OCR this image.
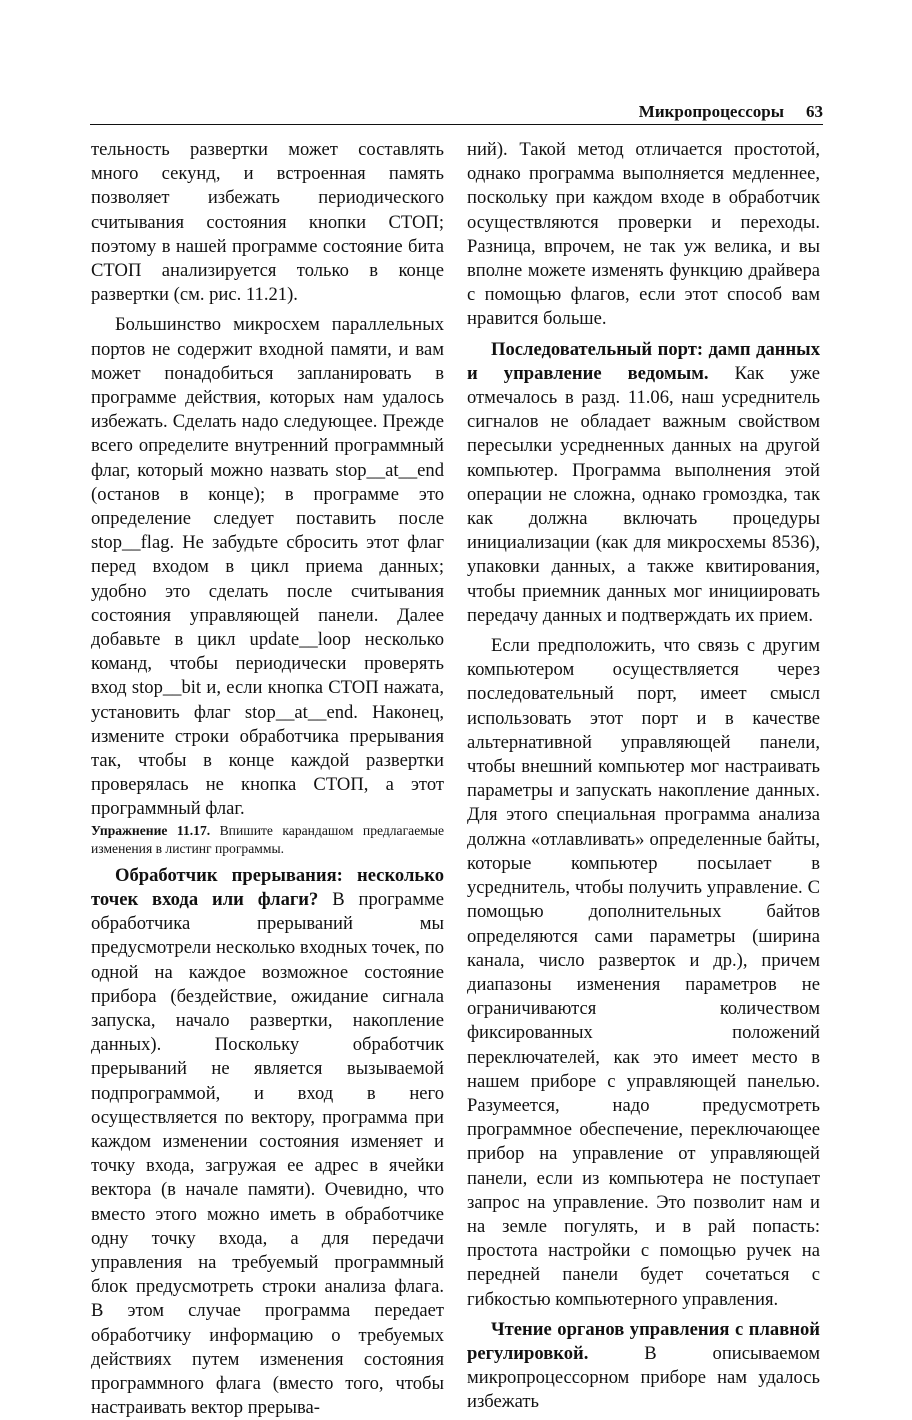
Микропроцессоры 63

тельность развертки может составлять много секунд, и встроенная память позволяет избежать периодического считывания состояния кнопки СТОП; поэтому в нашей программе состояние бита СТОП анализируется только в конце развертки (см. рис. 11.21).

Большинство микросхем параллельных портов не содержит входной памяти, и вам может понадобиться запланировать в программе действия, которых нам удалось избежать. Сделать надо следующее. Прежде всего определите внутренний программный флаг, который можно назвать stop__at__end (останов в конце); в программе это определение следует поставить после stop__flag. Не забудьте сбросить этот флаг перед входом в цикл приема данных; удобно это сделать после считывания состояния управляющей панели. Далее добавьте в цикл update__loop несколько команд, чтобы периодически проверять вход stop__bit и, если кнопка СТОП нажата, установить флаг stop__at__end. Наконец, измените строки обработчика прерывания так, чтобы в конце каждой развертки проверялась не кнопка СТОП, а этот программный флаг.

Упражнение 11.17. Впишите карандашом предлагаемые изменения в листинг программы.

Обработчик прерывания: несколько точек входа или флаги? В программе обработчика прерываний мы предусмотрели несколько входных точек, по одной на каждое возможное состояние прибора (бездействие, ожидание сигнала запуска, начало развертки, накопление данных). Поскольку обработчик прерываний не является вызываемой подпрограммой, и вход в него осуществляется по вектору, программа при каждом изменении состояния изменяет и точку входа, загружая ее адрес в ячейки вектора (в начале памяти). Очевидно, что вместо этого можно иметь в обработчике одну точку входа, а для передачи управления на требуемый программный блок предусмотреть строки анализа флага. В этом случае программа передает обработчику информацию о требуемых действиях путем изменения состояния программного флага (вместо того, чтобы настраивать вектор прерыва-

ний). Такой метод отличается простотой, однако программа выполняется медленнее, поскольку при каждом входе в обработчик осуществляются проверки и переходы. Разница, впрочем, не так уж велика, и вы вполне можете изменять функцию драйвера с помощью флагов, если этот способ вам нравится больше.

Последовательный порт: дамп данных и управление ведомым. Как уже отмечалось в разд. 11.06, наш усреднитель сигналов не обладает важным свойством пересылки усредненных данных на другой компьютер. Программа выполнения этой операции не сложна, однако громоздка, так как должна включать процедуры инициализации (как для микросхемы 8536), упаковки данных, а также квитирования, чтобы приемник данных мог инициировать передачу данных и подтверждать их прием.

Если предположить, что связь с другим компьютером осуществляется через последовательный порт, имеет смысл использовать этот порт и в качестве альтернативной управляющей панели, чтобы внешний компьютер мог настраивать параметры и запускать накопление данных. Для этого специальная программа анализа должна «отлавливать» определенные байты, которые компьютер посылает в усреднитель, чтобы получить управление. С помощью дополнительных байтов определяются сами параметры (ширина канала, число разверток и др.), причем диапазоны изменения параметров не ограничиваются количеством фиксированных положений переключателей, как это имеет место в нашем приборе с управляющей панелью. Разумеется, надо предусмотреть программное обеспечение, переключающее прибор на управление от управляющей панели, если из компьютера не поступает запрос на управление. Это позволит нам и на земле погулять, и в рай попасть: простота настройки с помощью ручек на передней панели будет сочетаться с гибкостью компьютерного управления.

Чтение органов управления с плавной регулировкой.	В описываемом микропроцессорном приборе нам удалось избежать
